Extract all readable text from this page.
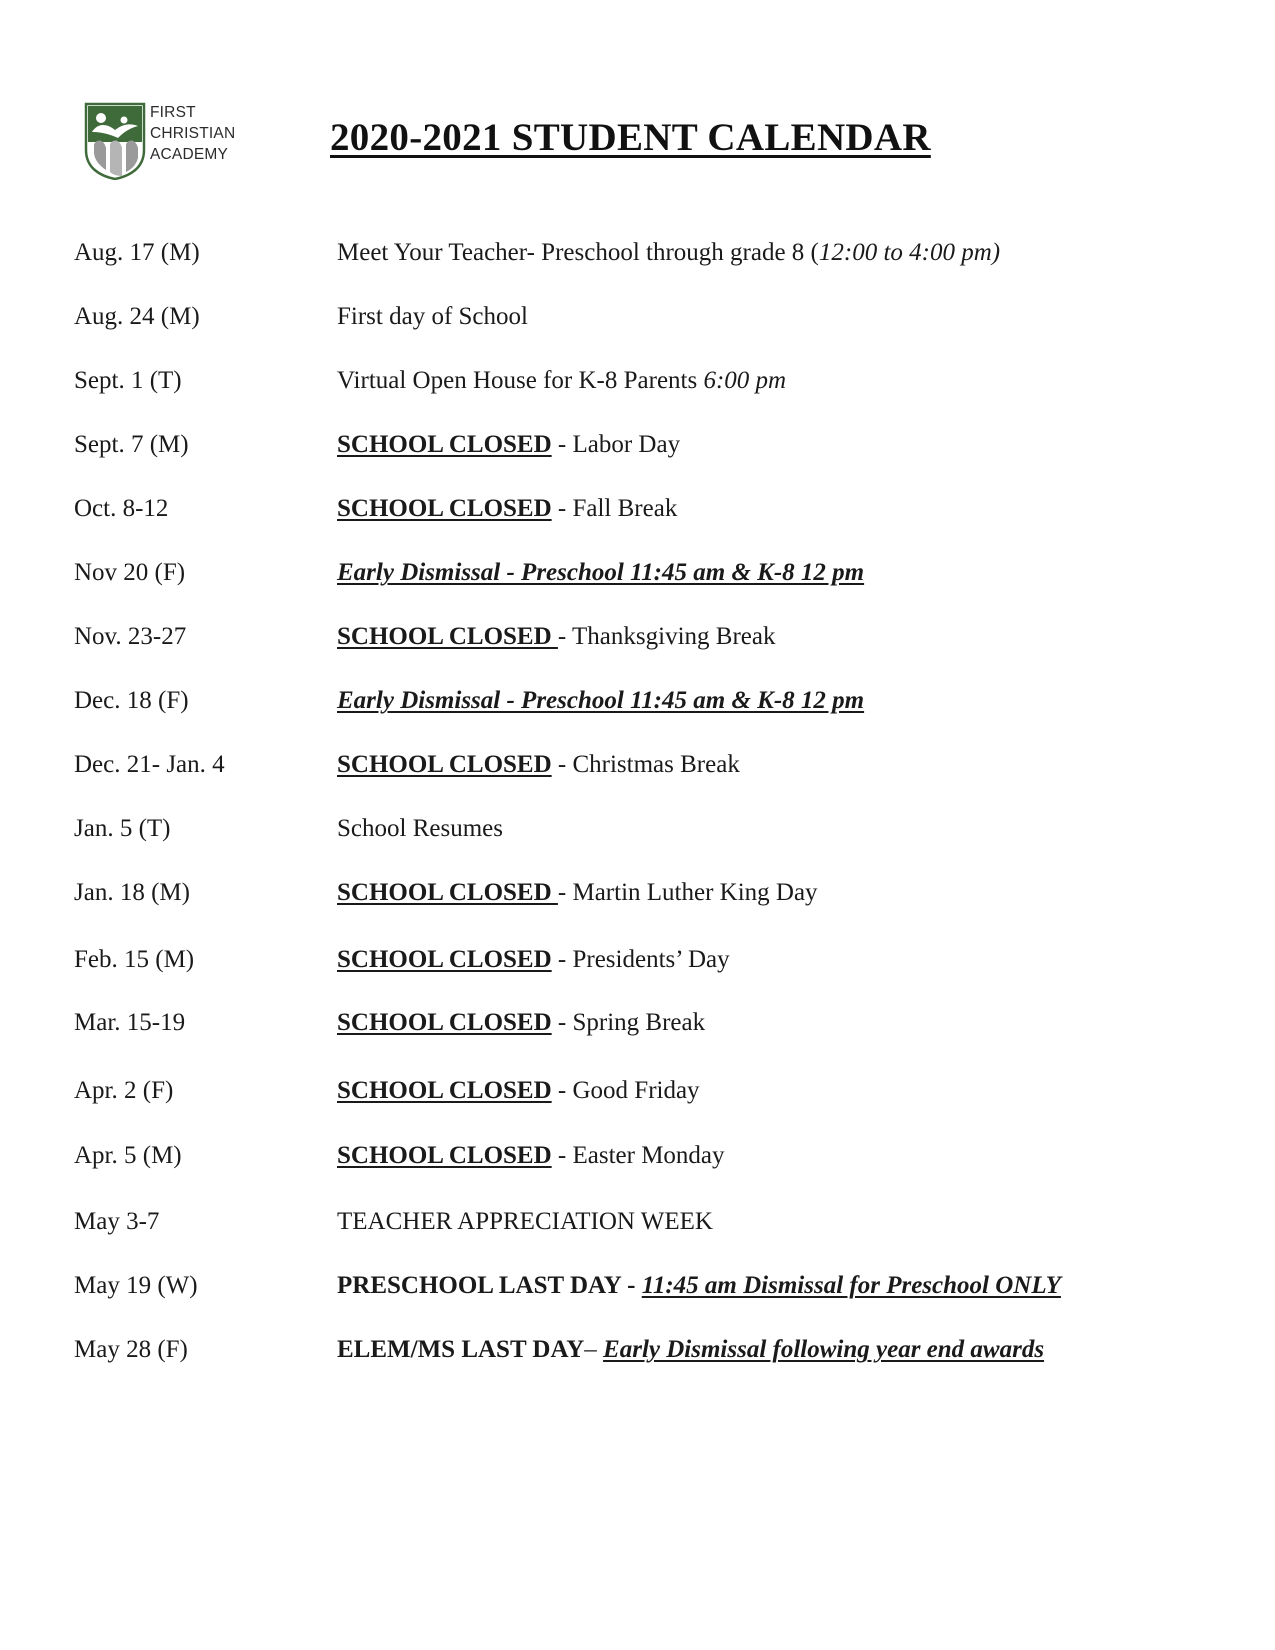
FIRST
CHRISTIAN
ACADEMY	2020-2021 STUDENT CALENDAR
Aug. 17 (M)	Meet Your Teacher- Preschool through grade 8 (12:00 to 4:00 pm)
Aug. 24 (M)	First day of School
Sept. 1 (T)	Virtual Open House for K-8 Parents 6:00 pm
Sept. 7 (M)	SCHOOL CLOSED - Labor Day
Oct. 8-12	SCHOOL CLOSED - Fall Break
Nov 20 (F)	Early Dismissal - Preschool 11:45 am & K-8 12 pm
Nov. 23-27	SCHOOL CLOSED - Thanksgiving Break
Dec. 18 (F)	Early Dismissal - Preschool 11:45 am & K-8 12 pm
Dec. 21- Jan. 4	SCHOOL CLOSED - Christmas Break
Jan. 5 (T)	School Resumes
Jan. 18 (M)	SCHOOL CLOSED - Martin Luther King Day
Feb. 15 (M)	SCHOOL CLOSED - Presidents’ Day
Mar. 15-19	SCHOOL CLOSED - Spring Break
Apr. 2 (F)	SCHOOL CLOSED - Good Friday
Apr. 5 (M)	SCHOOL CLOSED - Easter Monday
May 3-7	TEACHER APPRECIATION WEEK
May 19 (W)	PRESCHOOL LAST DAY - 11:45 am Dismissal for Preschool ONLY
May 28 (F)	ELEM/MS LAST DAY– Early Dismissal following year end awards
